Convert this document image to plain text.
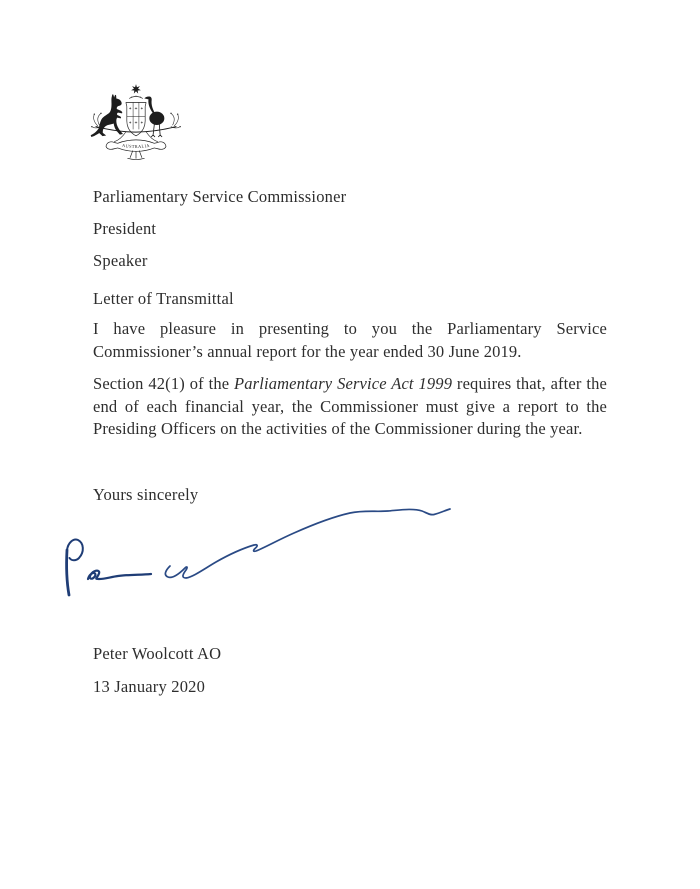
AUSTRALIA
Parliamentary Service Commissioner
President
Speaker
Letter of Transmittal
I have pleasure in presenting to you the Parliamentary Service Commissioner’s annual report for the year ended 30 June 2019.
Section 42(1) of the Parliamentary Service Act 1999 requires that, after the end of each financial year, the Commissioner must give a report to the Presiding Officers on the activities of the Commissioner during the year.
Yours sincerely
Peter Woolcott AO
13 January 2020
